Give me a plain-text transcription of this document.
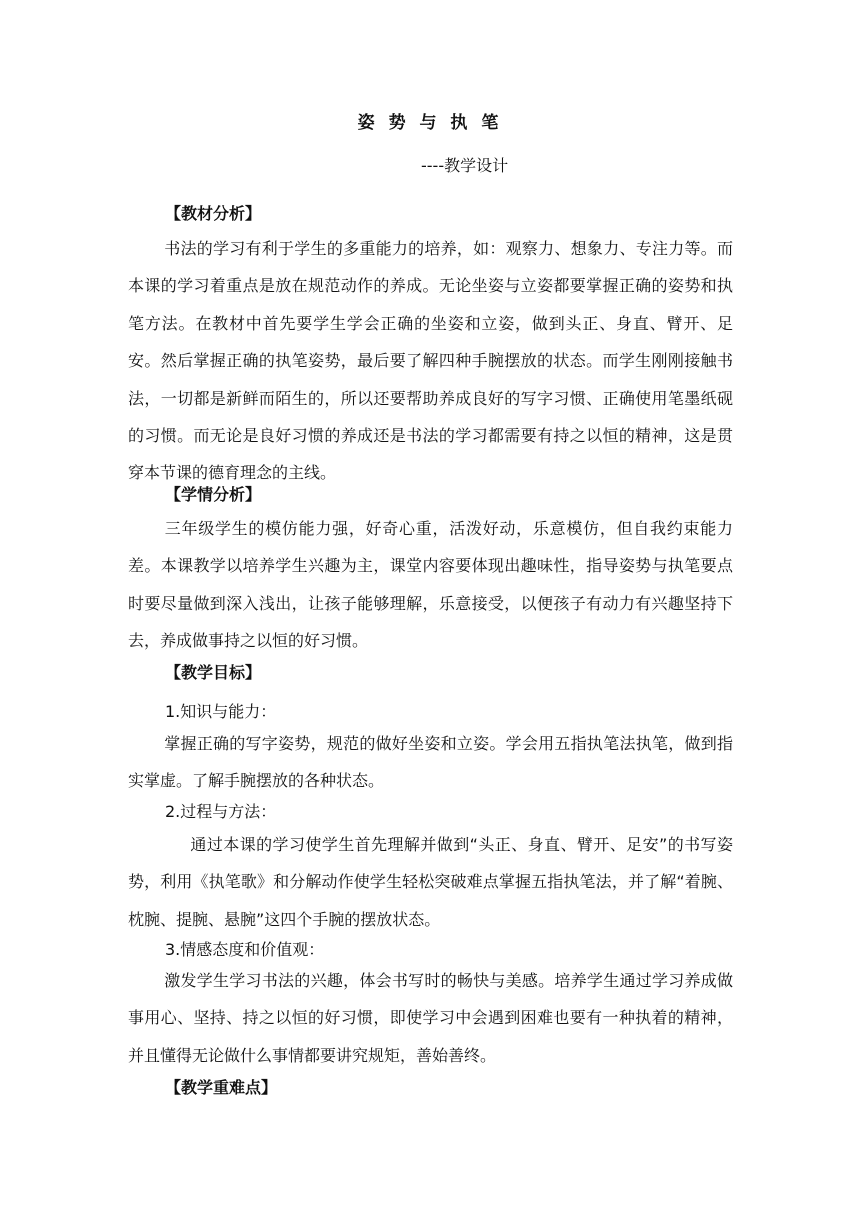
姿 势 与 执 笔
----教学设计
【教材分析】
书法的学习有利于学生的多重能力的培养，如：观察力、想象力、专注力等。而本课的学习着重点是放在规范动作的养成。无论坐姿与立姿都要掌握正确的姿势和执笔方法。在教材中首先要学生学会正确的坐姿和立姿，做到头正、身直、臂开、足安。然后掌握正确的执笔姿势，最后要了解四种手腕摆放的状态。而学生刚刚接触书法，一切都是新鲜而陌生的，所以还要帮助养成良好的写字习惯、正确使用笔墨纸砚的习惯。而无论是良好习惯的养成还是书法的学习都需要有持之以恒的精神，这是贯穿本节课的德育理念的主线。
【学情分析】
三年级学生的模仿能力强，好奇心重，活泼好动，乐意模仿，但自我约束能力差。本课教学以培养学生兴趣为主，课堂内容要体现出趣味性，指导姿势与执笔要点时要尽量做到深入浅出，让孩子能够理解，乐意接受，以便孩子有动力有兴趣坚持下去，养成做事持之以恒的好习惯。
【教学目标】
1.知识与能力：
掌握正确的写字姿势，规范的做好坐姿和立姿。学会用五指执笔法执笔，做到指实掌虚。了解手腕摆放的各种状态。
2.过程与方法：
通过本课的学习使学生首先理解并做到“头正、身直、臂开、足安”的书写姿势，利用《执笔歌》和分解动作使学生轻松突破难点掌握五指执笔法，并了解“着腕、枕腕、提腕、悬腕”这四个手腕的摆放状态。
3.情感态度和价值观：
激发学生学习书法的兴趣，体会书写时的畅快与美感。培养学生通过学习养成做事用心、坚持、持之以恒的好习惯，即使学习中会遇到困难也要有一种执着的精神，并且懂得无论做什么事情都要讲究规矩，善始善终。
【教学重难点】
